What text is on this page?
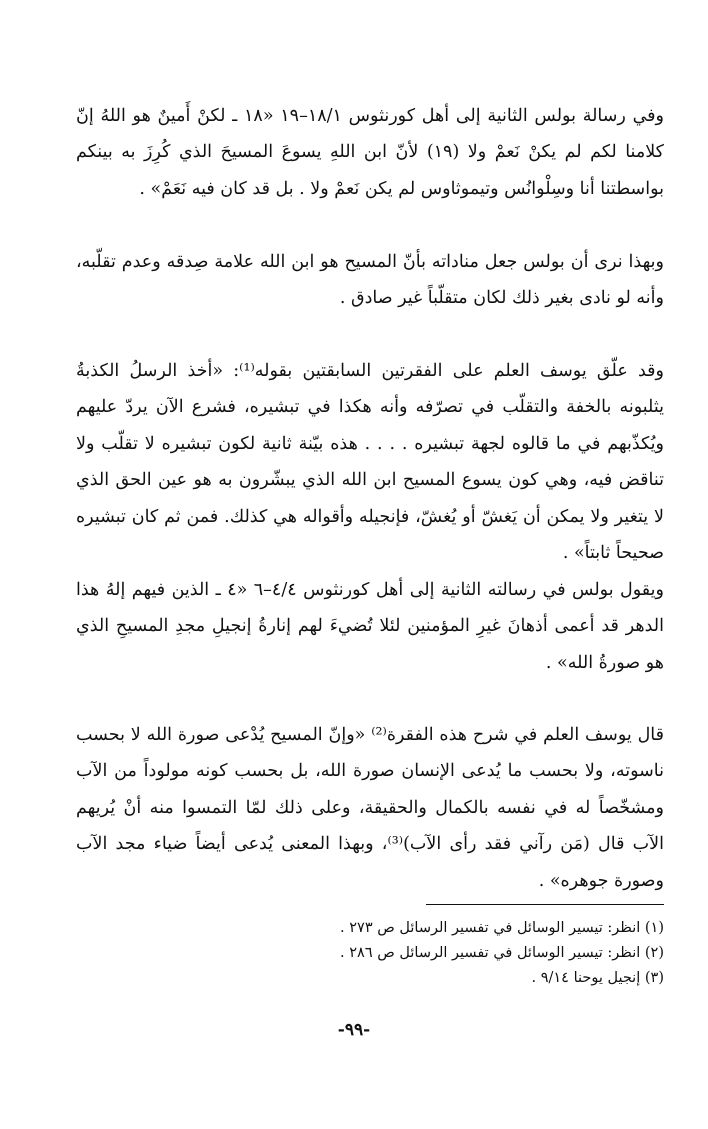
وفي رسالة بولس الثانية إلى أهل كورنثوس ١٨/١–١٩ «١٨ ـ لكنْ أَمينٌ هو اللهُ إنّ كلامنا لكم لم يكنْ نَعمْ ولا (١٩) لأنّ ابن اللهِ يسوعَ المسيحَ الذي كُرِزَ به بينكم بواسطتنا أنا وسِلْوانُس وتيموثاوس لم يكن نَعمْ ولا . بل قد كان فيه نَعَمْ» .

وبهذا نرى أن بولس جعل مناداته بأنّ المسيح هو ابن الله علامة صِدقه وعدم تقلّبه، وأنه لو نادى بغير ذلك لكان متقلّباً غير صادق .

وقد علّق يوسف العلم على الفقرتين السابقتين بقوله⁽¹⁾: «أخذ الرسلُ الكذبةُ يثلبونه بالخفة والتقلّب في تصرّفه وأنه هكذا في تبشيره، فشرع الآن يردّ عليهم ويُكذّبهم في ما قالوه لجهة تبشيره . . . . هذه بيّنة ثانية لكون تبشيره لا تقلّب ولا تناقض فيه، وهي كون يسوع المسيح ابن الله الذي يبشّرون به هو عين الحق الذي لا يتغير ولا يمكن أن يَغشّ أو يُغشّ، فإنجيله وأقواله هي كذلك. فمن ثم كان تبشيره صحيحاً ثابتاً» .

ويقول بولس في رسالته الثانية إلى أهل كورنثوس ٤/٤–٦ «٤ ـ الذين فيهم إلهُ هذا الدهر قد أعمى أذهانَ غيرِ المؤمنين لئلا تُضيءَ لهم إنارةُ إنجيلِ مجدِ المسيحِ الذي هو صورةُ الله» .

قال يوسف العلم في شرح هذه الفقرة⁽²⁾ «وإنّ المسيح يُدْعى صورة الله لا بحسب ناسوته، ولا بحسب ما يُدعى الإنسان صورة الله، بل بحسب كونه مولوداً من الآب ومشخّصاً له في نفسه بالكمال والحقيقة، وعلى ذلك لمّا التمسوا منه أنْ يُريهم الآب قال (مَن رآني فقد رأى الآب)⁽³⁾، وبهذا المعنى يُدعى أيضاً ضياء مجد الآب وصورة جوهره» .

(١) انظر: تيسير الوسائل في تفسير الرسائل ص ٢٧٣ .
(٢) انظر: تيسير الوسائل في تفسير الرسائل ص ٢٨٦ .
(٣) إنجيل يوحنا ٩/١٤ .
-٩٩-
